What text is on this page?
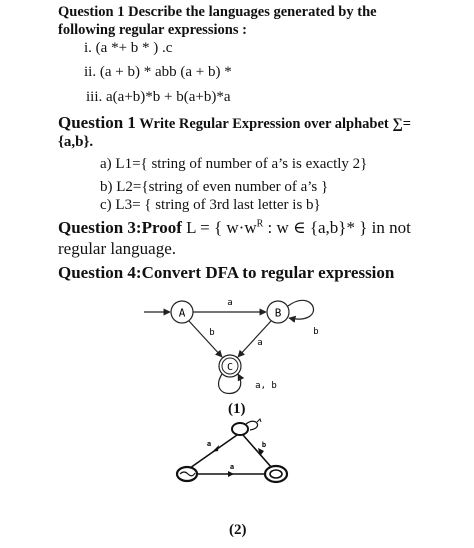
Question 1 Describe the languages generated by the
following regular expressions :
i. (a *+ b * ) .c
ii. (a + b) * abb (a + b) *
iii. a(a+b)*b + b(a+b)*a
Question 1 Write Regular Expression over alphabet ∑=
{a,b}.
a) L1={ string of number of a’s is exactly 2}
b) L2={string of even number of a’s }
c) L3= { string of 3rd last letter is b}
Question 3:Proof L = { $w\cdot w^R$ : w ∈ {a,b}* } in not
regular language.
Question 4:Convert DFA to regular expression
A	B
C
a
b
b
a
a, b
(1)
a
a
b
(2)
